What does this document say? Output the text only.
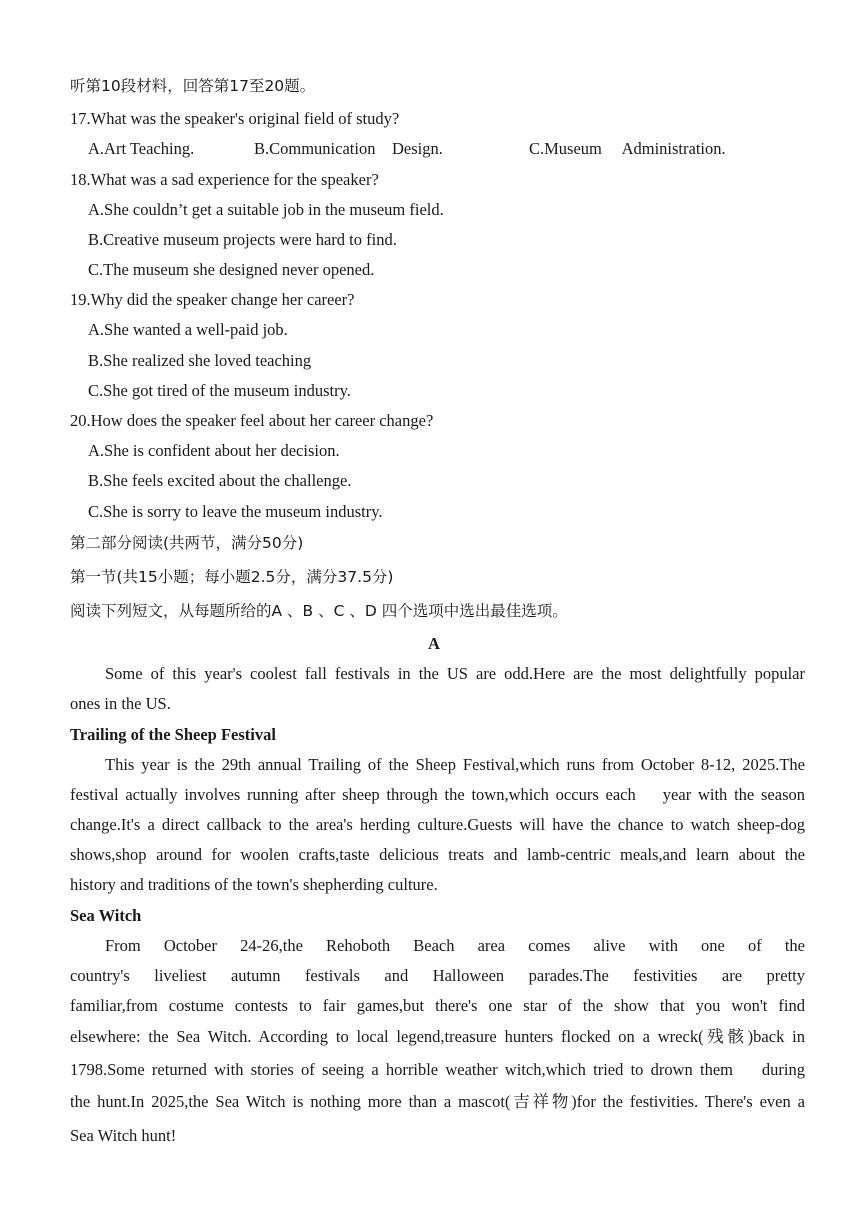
听第10段材料，回答第17至20题。
17.What was the speaker's original field of study?
A.Art Teaching.	B.Communication    Design.	C.Museum     Administration.
18.What was a sad experience for the speaker?
A.She couldn’t get a suitable job in the museum field.
B.Creative museum projects were hard to find.
C.The museum she designed never opened.
19.Why did the speaker change her career?
A.She wanted a well-paid job.
B.She realized she loved teaching
C.She got tired of the museum industry.
20.How does the speaker feel about her career change?
A.She is confident about her decision.
B.She feels excited about the challenge.
C.She is sorry to leave the museum industry.
第二部分阅读(共两节，满分50分)
第一节(共15小题；每小题2.5分，满分37.5分)
阅读下列短文，从每题所给的A 、B 、C 、D 四个选项中选出最佳选项。
A
Some of this year's coolest fall festivals in the US are odd.Here are the most delightfully popular
ones in the US.
Trailing of the Sheep Festival
This year is the 29th annual Trailing of the Sheep Festival,which runs from October 8-12, 2025.The
festival actually involves running after sheep through the town,which occurs each    year with the season
change.It's a direct callback to the area's herding culture.Guests will have the chance to watch sheep-dog
shows,shop around for woolen crafts,taste delicious treats and lamb-centric meals,and learn about the
history and traditions of the town's shepherding culture.
Sea Witch
From October 24-26,the Rehoboth Beach area comes alive with one of the
country's liveliest autumn festivals and Halloween parades.The festivities are pretty
familiar,from costume contests to fair games,but there's one star of the show that you won't find
elsewhere: the Sea Witch. According to local legend,treasure hunters flocked on a wreck(残骸)back in
1798.Some returned with stories of seeing a horrible weather witch,which tried to drown them    during
the hunt.In 2025,the Sea Witch is nothing more than a mascot(吉祥物)for the festivities. There's even a
Sea Witch hunt!
